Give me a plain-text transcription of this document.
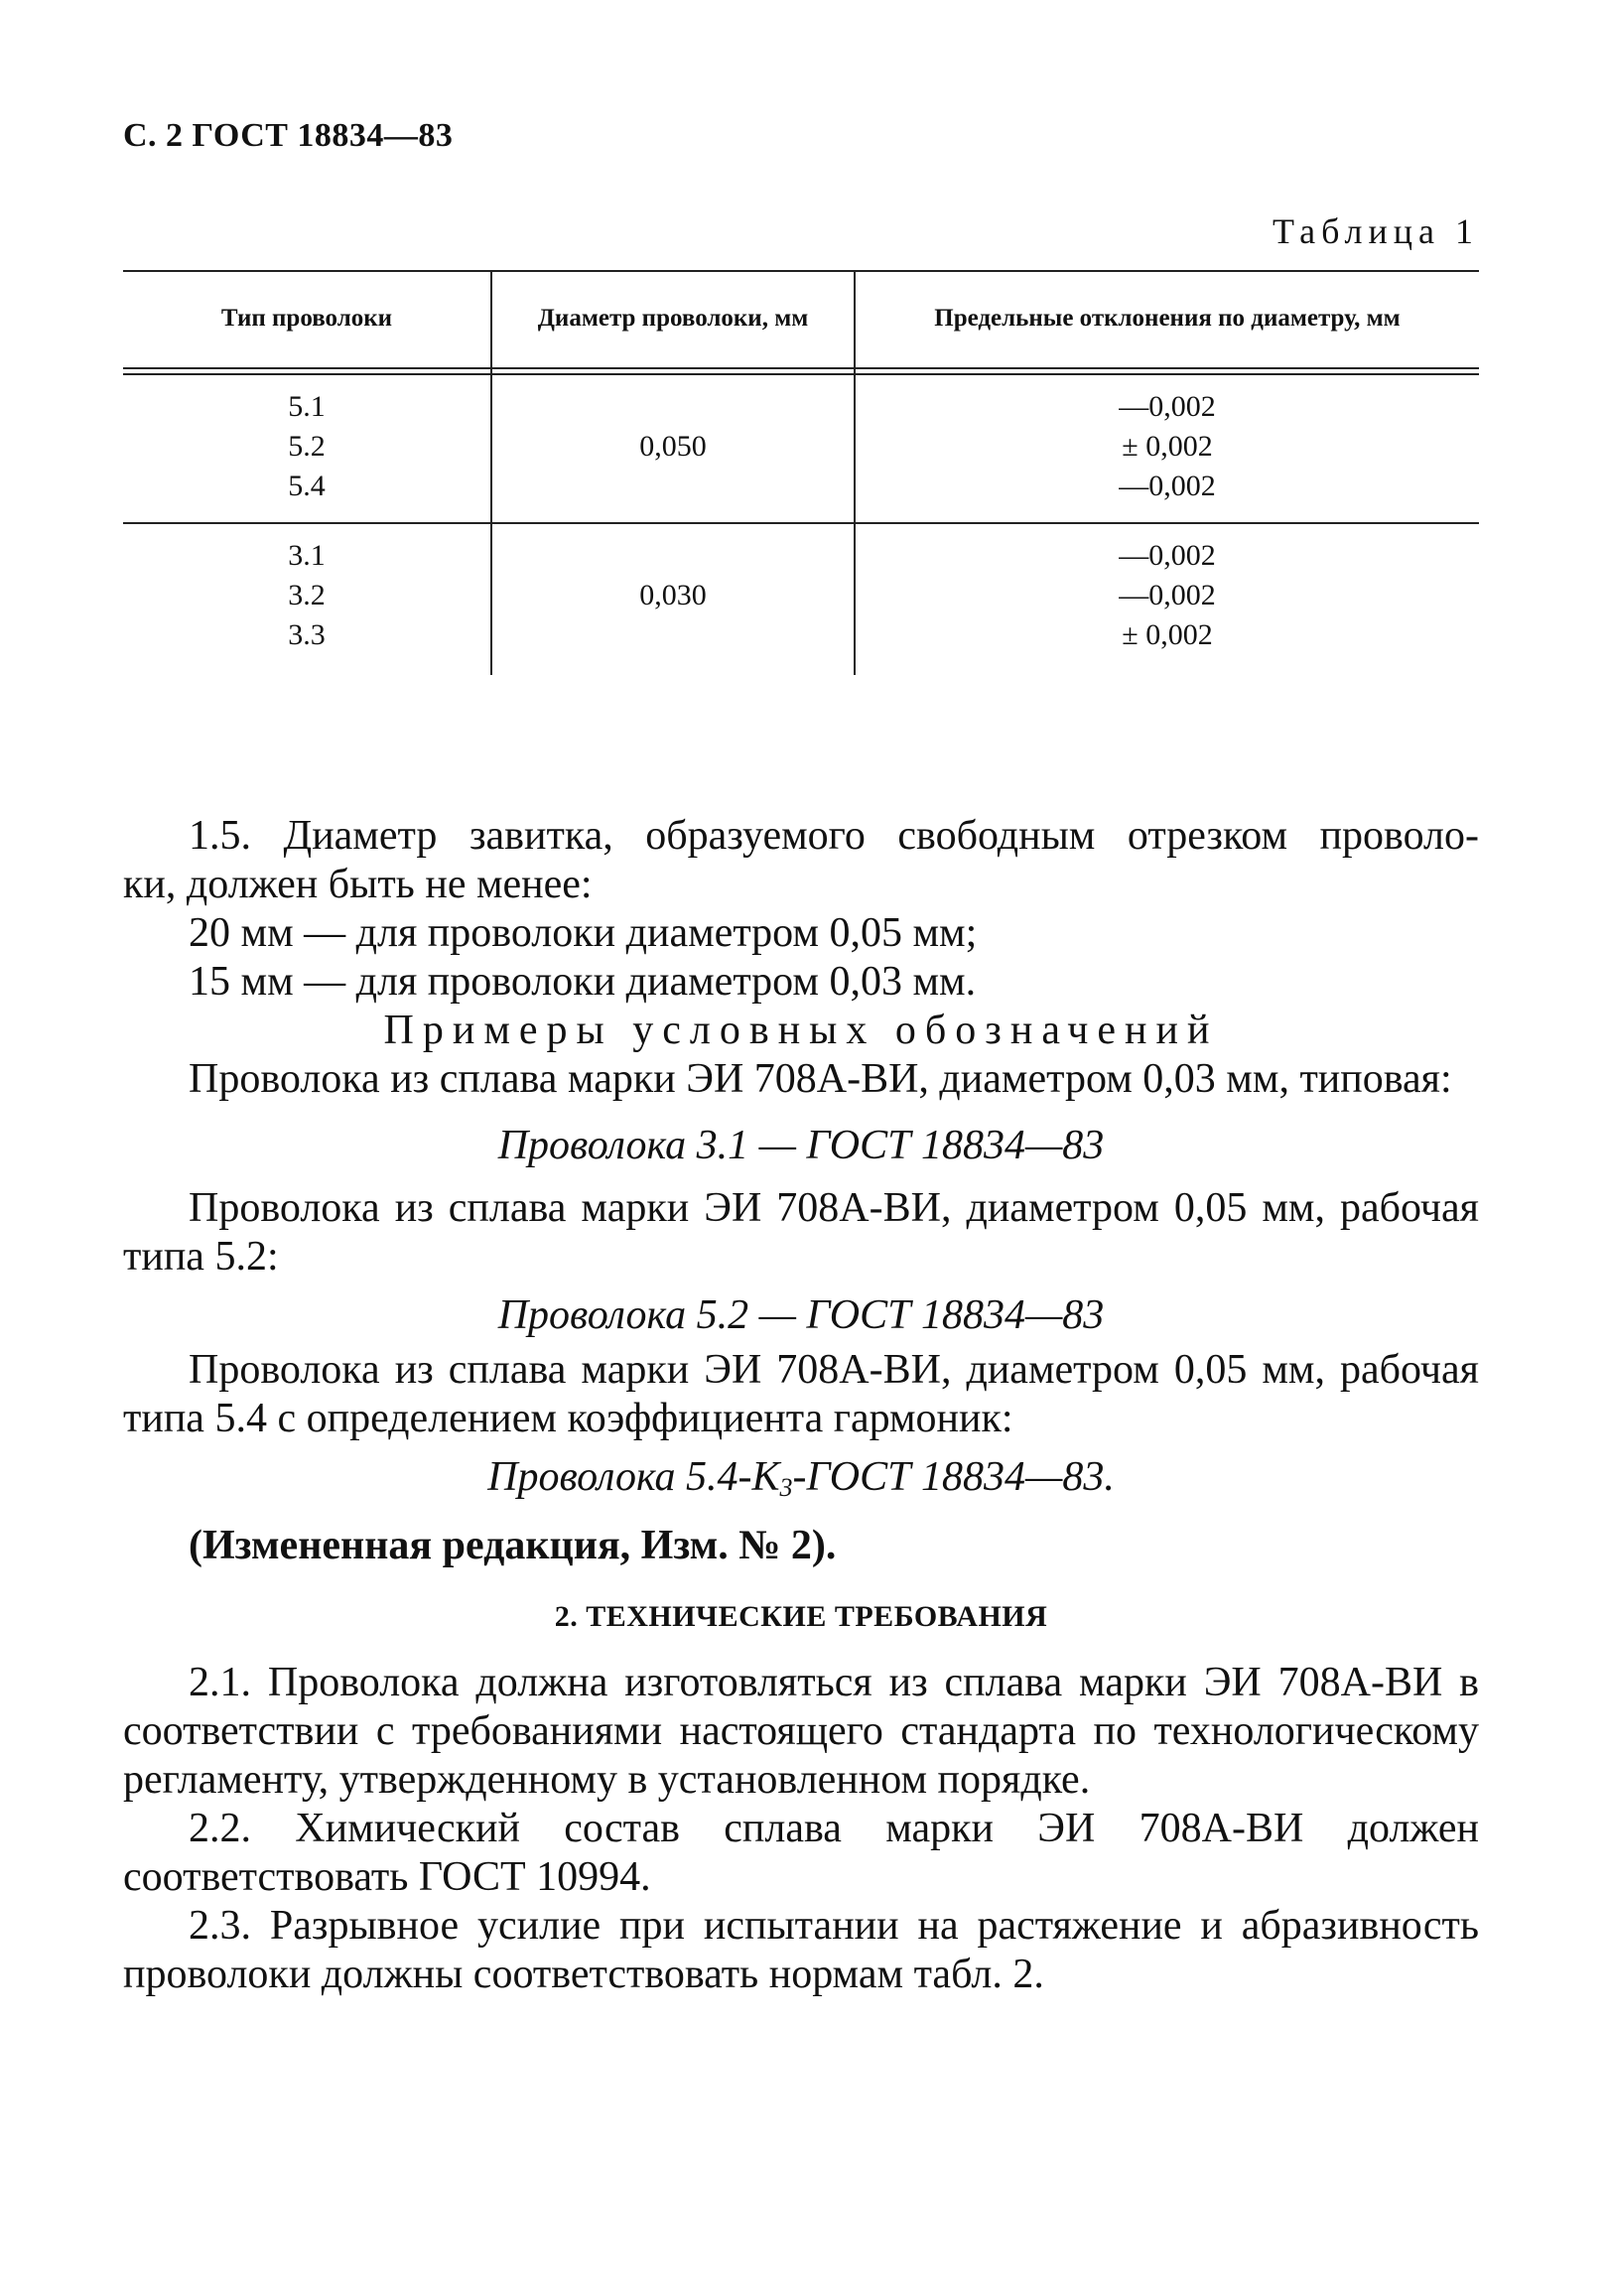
С. 2 ГОСТ 18834—83
Таблица 1
Тип проволоки	Диаметр проволоки, мм	Предельные отклонения по диаметру, мм
5.1
5.2
5.4
0,050
—0,002
± 0,002
—0,002
3.1
3.2
3.3
0,030
—0,002
—0,002
± 0,002

1.5. Диаметр завитка, образуемого свободным отрезком проволо-

ки, должен быть не менее:

20 мм — для проволоки диаметром 0,05 мм;

15 мм — для проволоки диаметром 0,03 мм.

Примеры условных обозначений

Проволока из сплава марки ЭИ 708А-ВИ, диаметром 0,03 мм, типовая:

Проволока 3.1 — ГОСТ 18834—83

Проволока из сплава марки ЭИ 708А-ВИ, диаметром 0,05 мм, рабочая типа 5.2:

Проволока 5.2 — ГОСТ 18834—83

Проволока из сплава марки ЭИ 708А-ВИ, диаметром 0,05 мм, рабочая типа 5.4 с определением коэффициента гармоник:

Проволока $5.4-К_3$-ГОСТ 18834—83.

(Измененная редакция, Изм. № 2).

2. ТЕХНИЧЕСКИЕ ТРЕБОВАНИЯ

2.1. Проволока должна изготовляться из сплава марки ЭИ 708А-ВИ в соответствии с требованиями настоящего стандарта по технологическому регламенту, утвержденному в установленном порядке.

2.2. Химический состав сплава марки ЭИ 708А-ВИ должен соответствовать ГОСТ 10994.

2.3. Разрывное усилие при испытании на растяжение и абразивность проволоки должны соответствовать нормам табл. 2.
